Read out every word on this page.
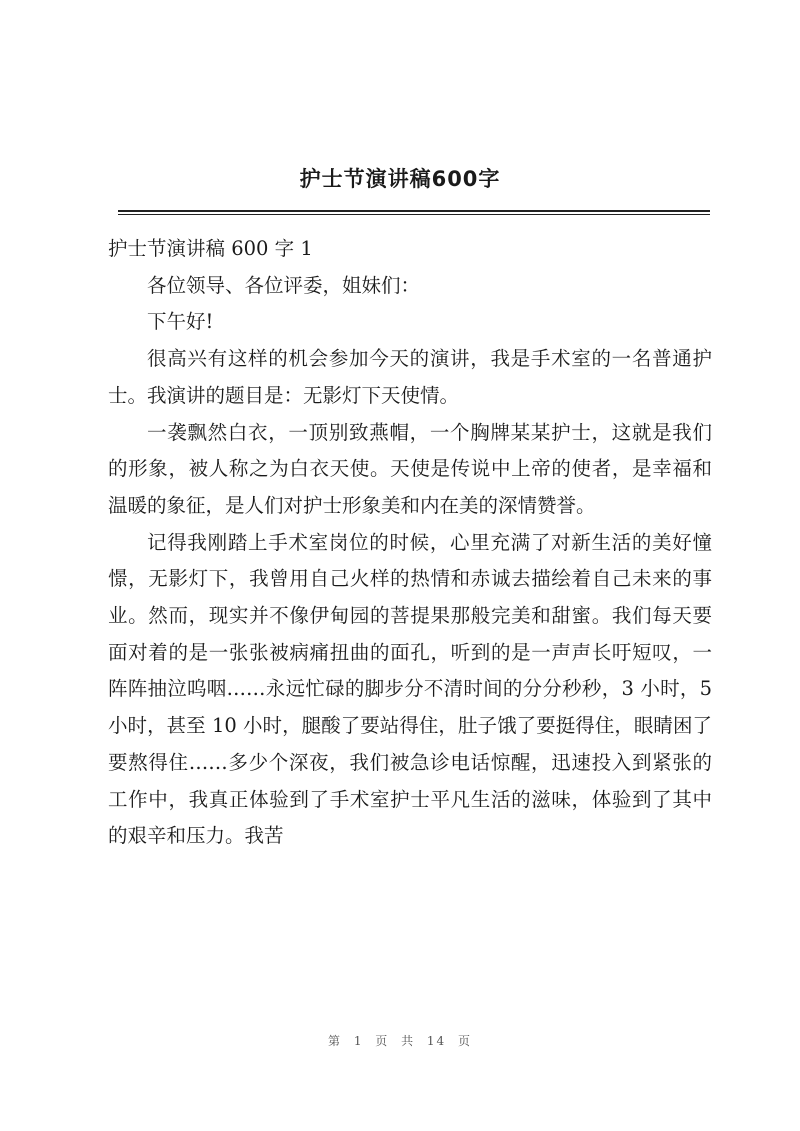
护士节演讲稿600字

护士节演讲稿 600 字 1

各位领导、各位评委，姐妹们：

下午好!

很高兴有这样的机会参加今天的演讲，我是手术室的一名普通护士。我演讲的题目是：无影灯下天使情。

一袭飘然白衣，一顶别致燕帽，一个胸牌某某护士，这就是我们的形象，被人称之为白衣天使。天使是传说中上帝的使者，是幸福和温暖的象征，是人们对护士形象美和内在美的深情赞誉。

记得我刚踏上手术室岗位的时候，心里充满了对新生活的美好憧憬，无影灯下，我曾用自己火样的热情和赤诚去描绘着自己未来的事业。然而，现实并不像伊甸园的菩提果那般完美和甜蜜。我们每天要面对着的是一张张被病痛扭曲的面孔，听到的是一声声长吁短叹，一阵阵抽泣呜咽……永远忙碌的脚步分不清时间的分分秒秒，3 小时，5 小时，甚至 10 小时，腿酸了要站得住，肚子饿了要挺得住，眼睛困了要熬得住……多少个深夜，我们被急诊电话惊醒，迅速投入到紧张的工作中，我真正体验到了手术室护士平凡生活的滋味，体验到了其中的艰辛和压力。我苦

第 1 页 共 14 页
